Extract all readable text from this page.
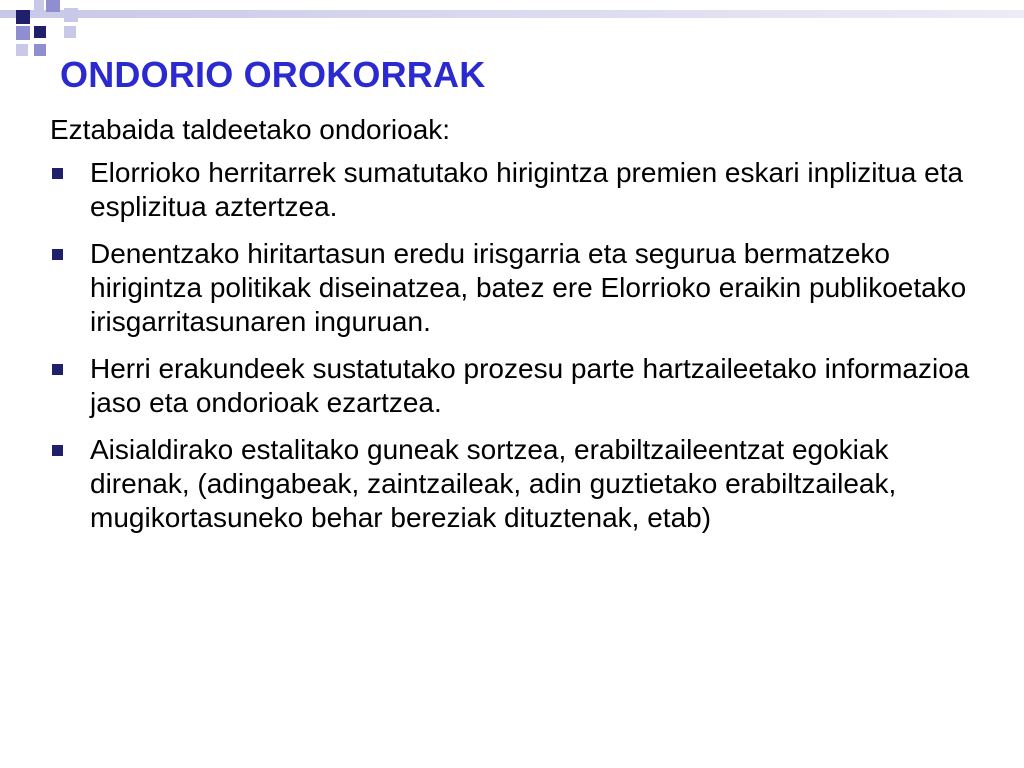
ONDORIO OROKORRAK

Eztabaida taldeetako ondorioak:

Elorrioko herritarrek sumatutako hirigintza premien eskari inplizitua eta esplizitua aztertzea.
Denentzako hiritartasun eredu irisgarria eta segurua bermatzeko hirigintza politikak diseinatzea, batez ere Elorrioko eraikin publikoetako irisgarritasunaren inguruan.
Herri erakundeek sustatutako prozesu parte hartzaileetako informazioa jaso eta ondorioak ezartzea.
Aisialdirako estalitako guneak sortzea, erabiltzaileentzat egokiak direnak, (adingabeak, zaintzaileak, adin guztietako erabiltzaileak, mugikortasuneko behar bereziak dituztenak, etab)
